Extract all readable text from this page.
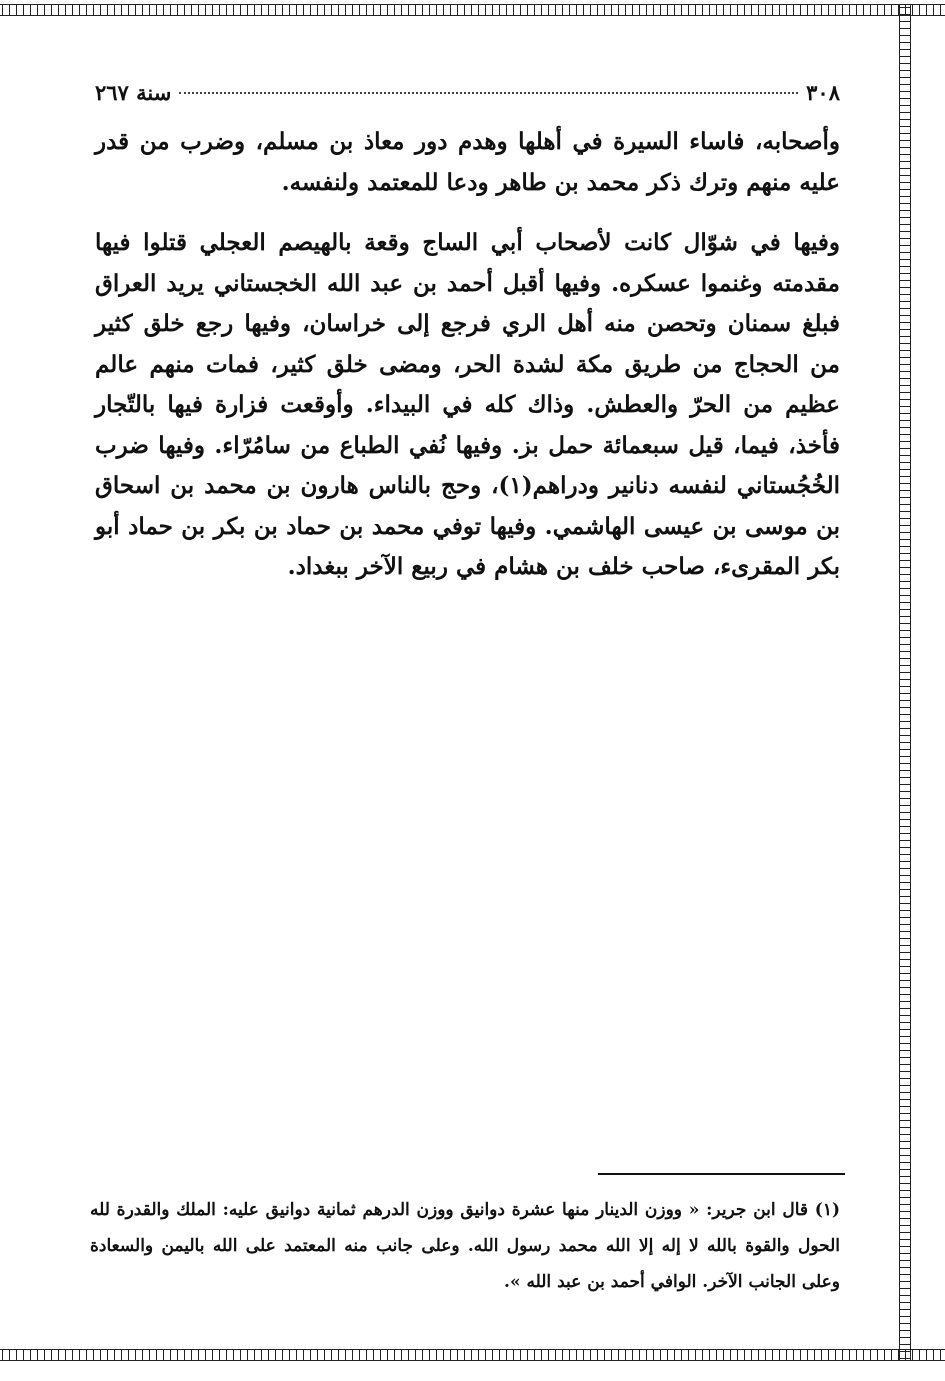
٣٠٨
سنة ٢٦٧

وأصحابه، فاساء السيرة في أهلها وهدم دور معاذ بن مسلم، وضرب من قدر عليه منهم وترك ذكر محمد بن طاهر ودعا للمعتمد ولنفسه.

وفيها في شوّال كانت لأصحاب أبي الساج وقعة بالهيصم العجلي قتلوا فيها مقدمته وغنموا عسكره. وفيها أقبل أحمد بن عبد الله الخجستاني يريد العراق فبلغ سمنان وتحصن منه أهل الري فرجع إلى خراسان، وفيها رجع خلق كثير من الحجاج من طريق مكة لشدة الحر، ومضى خلق كثير، فمات منهم عالم عظيم من الحرّ والعطش. وذاك كله في البيداء. وأوقعت فزارة فيها بالتّجار فأخذ، فيما، قيل سبعمائة حمل بز. وفيها نُفي الطباع من سامُرّاء. وفيها ضرب الخُجُستاني لنفسه دنانير ودراهم(١)، وحج بالناس هارون بن محمد بن اسحاق بن موسى بن عيسى الهاشمي. وفيها توفي محمد بن حماد بن بكر بن حماد أبو بكر المقرىء، صاحب خلف بن هشام في ربيع الآخر ببغداد.

(١) قال ابن جرير: « ووزن الدينار منها عشرة دوانيق ووزن الدرهم ثمانية دوانيق عليه: الملك والقدرة لله الحول والقوة بالله لا إله إلا الله محمد رسول الله. وعلى جانب منه المعتمد على الله باليمن والسعادة وعلى الجانب الآخر. الوافي أحمد بن عبد الله ».
